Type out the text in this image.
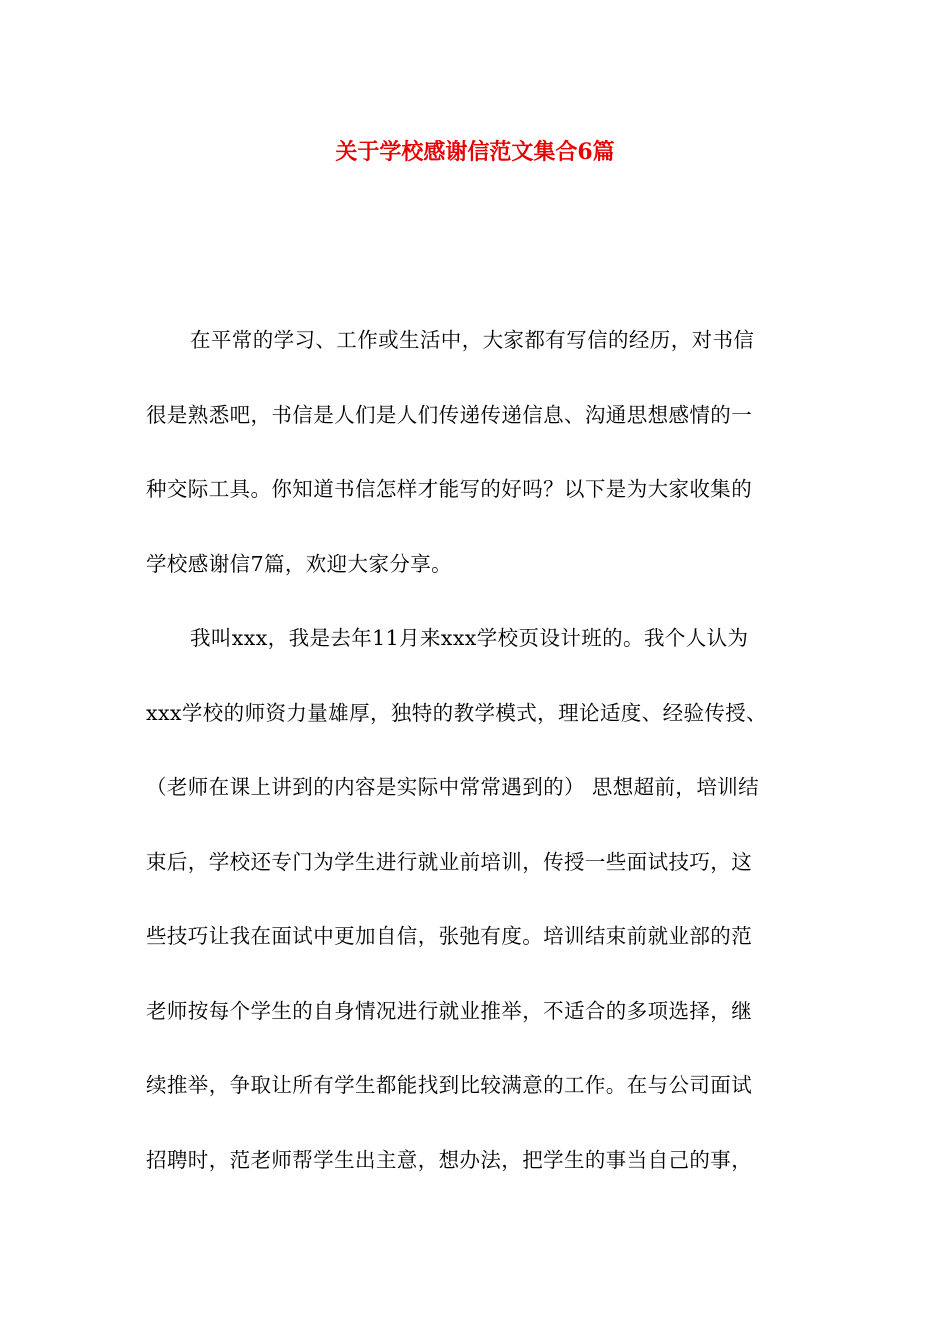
关于学校感谢信范文集合6篇
在平常的学习、工作或生活中，大家都有写信的经历，对书信
很是熟悉吧，书信是人们是人们传递传递信息、沟通思想感情的一
种交际工具。你知道书信怎样才能写的好吗？以下是为大家收集的
学校感谢信7篇，欢迎大家分享。
我叫xxx，我是去年11月来xxx学校页设计班的。我个人认为
xxx学校的师资力量雄厚，独特的教学模式，理论适度、经验传授、
（老师在课上讲到的内容是实际中常常遇到的） 思想超前，培训结
束后，学校还专门为学生进行就业前培训，传授一些面试技巧，这
些技巧让我在面试中更加自信，张弛有度。培训结束前就业部的范
老师按每个学生的自身情况进行就业推举，不适合的多项选择，继
续推举，争取让所有学生都能找到比较满意的工作。在与公司面试
招聘时，范老师帮学生出主意，想办法，把学生的事当自己的事，
